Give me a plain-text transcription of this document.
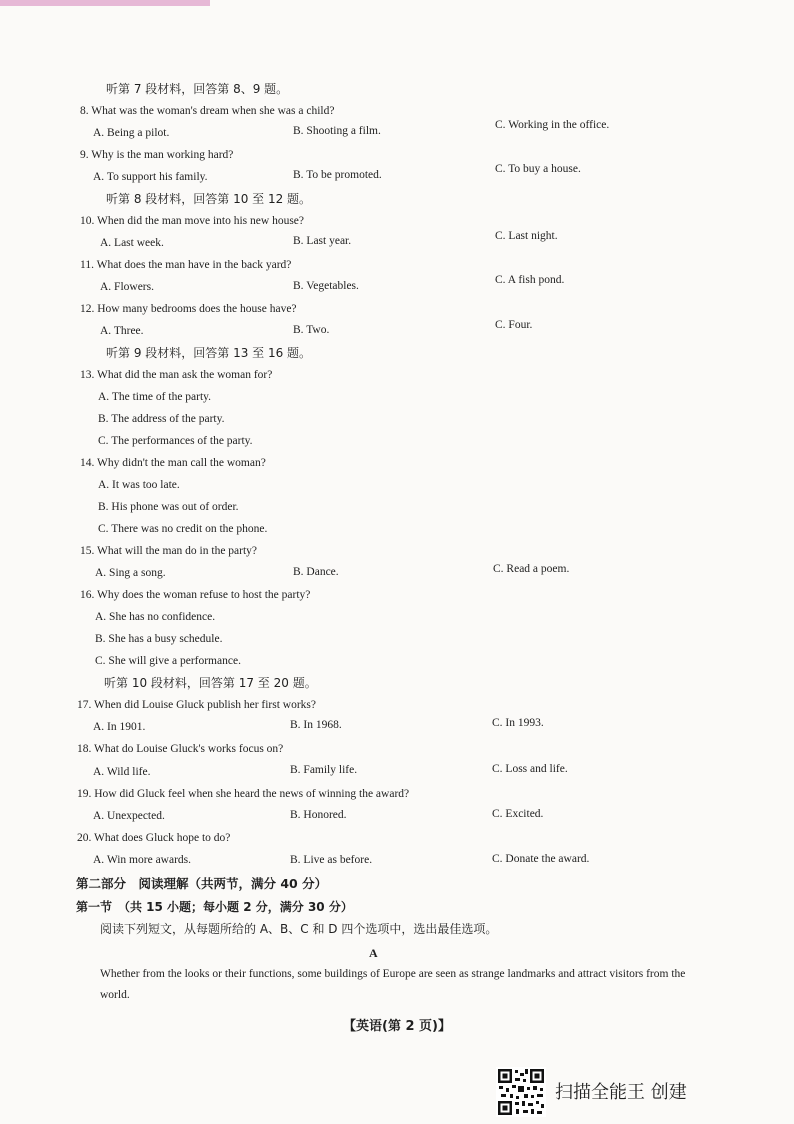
听第 7 段材料，回答第 8、9 题。
8. What was the woman's dream when she was a child?
A. Being a pilot.	B. Shooting a film.	C. Working in the office.
9. Why is the man working hard?
A. To support his family.	B. To be promoted.	C. To buy a house.
听第 8 段材料，回答第 10 至 12 题。
10. When did the man move into his new house?
A. Last week.	B. Last year.	C. Last night.
11. What does the man have in the back yard?
A. Flowers.	B. Vegetables.	C. A fish pond.
12. How many bedrooms does the house have?
A. Three.	B. Two.	C. Four.
听第 9 段材料，回答第 13 至 16 题。
13. What did the man ask the woman for?
A. The time of the party.
B. The address of the party.
C. The performances of the party.
14. Why didn't the man call the woman?
A. It was too late.
B. His phone was out of order.
C. There was no credit on the phone.
15. What will the man do in the party?
A. Sing a song.	B. Dance.	C. Read a poem.
16. Why does the woman refuse to host the party?
A. She has no confidence.
B. She has a busy schedule.
C. She will give a performance.
听第 10 段材料，回答第 17 至 20 题。
17. When did Louise Gluck publish her first works?
A. In 1901.	B. In 1968.	C. In 1993.
18. What do Louise Gluck's works focus on?
A. Wild life.	B. Family life.	C. Loss and life.
19. How did Gluck feel when she heard the news of winning the award?
A. Unexpected.	B. Honored.	C. Excited.
20. What does Gluck hope to do?
A. Win more awards.	B. Live as before.	C. Donate the award.
第二部分　阅读理解（共两节，满分 40 分）
第一节　（共 15 小题；每小题 2 分，满分 30 分）
阅读下列短文，从每题所给的 A、B、C 和 D 四个选项中，选出最佳选项。
A
Whether from the looks or their functions, some buildings of Europe are seen as strange landmarks and attract visitors from the world.
【英语(第 2 页)】
扫描全能王 创建
